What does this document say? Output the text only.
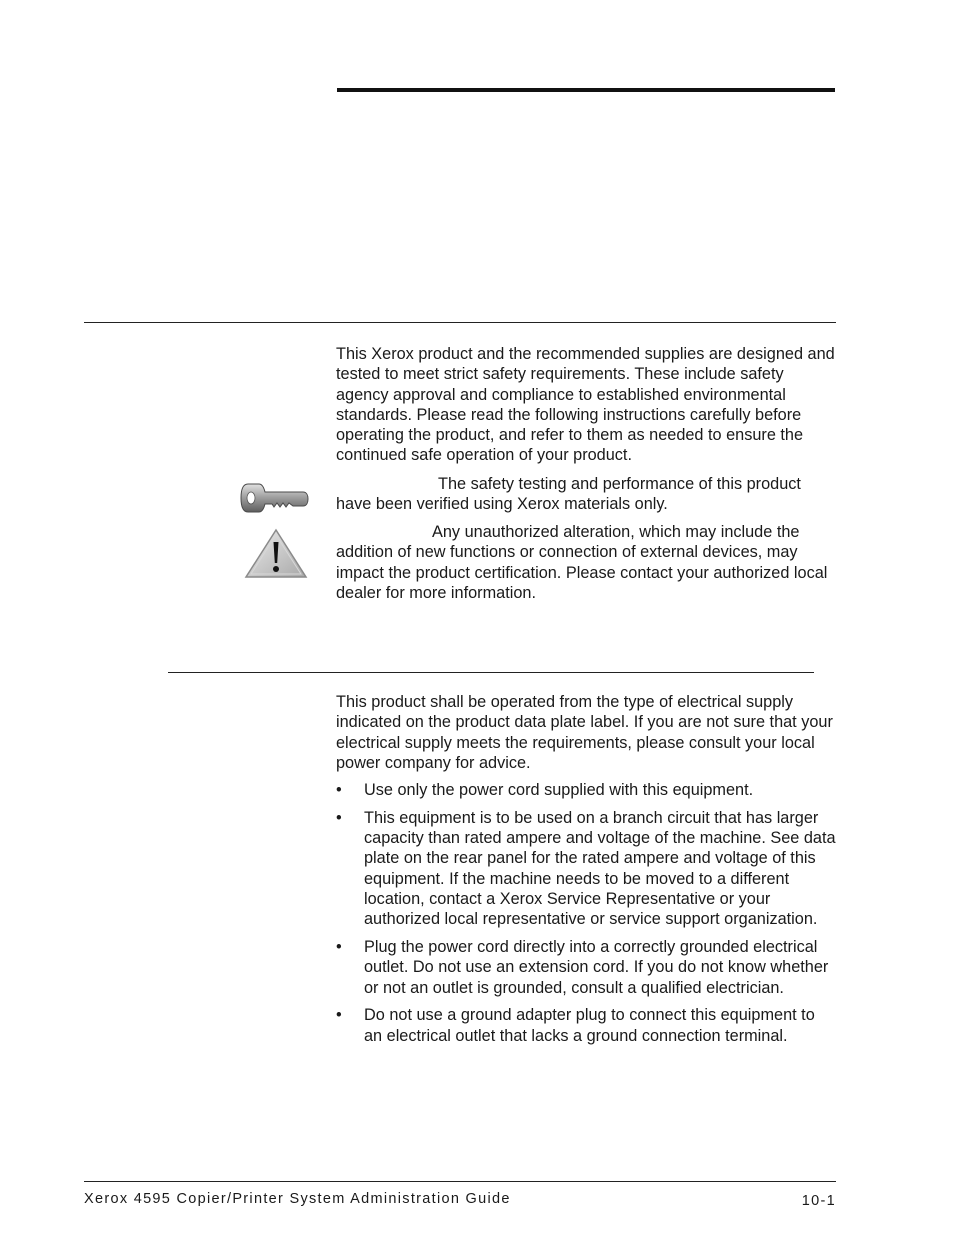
This Xerox product and the recommended supplies are designed and tested to meet strict safety requirements. These include safety agency approval and compliance to established environmental standards. Please read the following instructions carefully before operating the product, and refer to them as needed to ensure the continued safe operation of your product.

The safety testing and performance of this product have been verified using Xerox materials only.

Any unauthorized alteration, which may include the addition of new functions or connection of external devices, may impact the product certification. Please contact your authorized local dealer for more information.

This product shall be operated from the type of electrical supply indicated on the product data plate label. If you are not sure that your electrical supply meets the requirements, please consult your local power company for advice.

• Use only the power cord supplied with this equipment.
• This equipment is to be used on a branch circuit that has larger capacity than rated ampere and voltage of the machine. See data plate on the rear panel for the rated ampere and voltage of this equipment. If the machine needs to be moved to a different location, contact a Xerox Service Representative or your authorized local representative or service support organization.
• Plug the power cord directly into a correctly grounded electrical outlet. Do not use an extension cord. If you do not know whether or not an outlet is grounded, consult a qualified electrician.
• Do not use a ground adapter plug to connect this equipment to an electrical outlet that lacks a ground connection terminal.
Xerox 4595 Copier/Printer System Administration Guide	10-1
